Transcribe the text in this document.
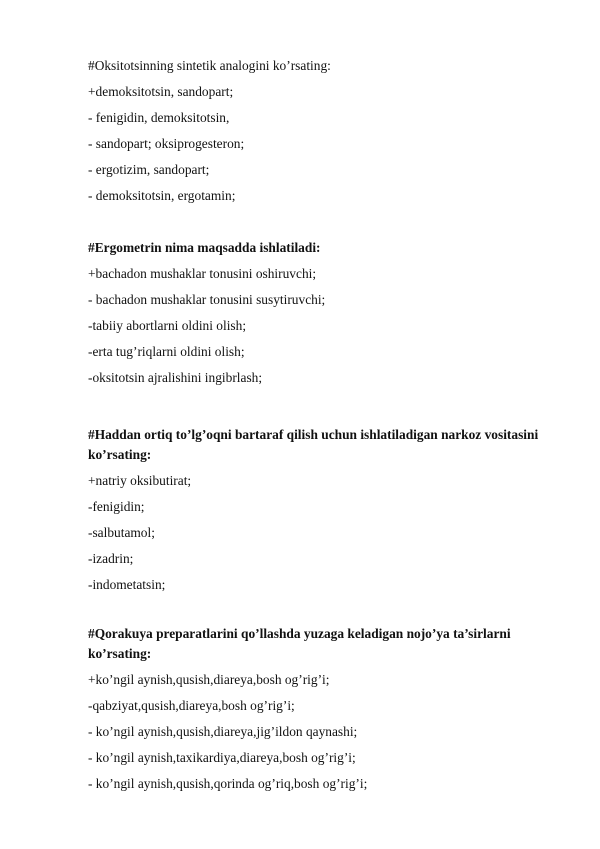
#Oksitotsinning sintetik analogini ko’rsating:
+demoksitotsin, sandopart;
- fenigidin, demoksitotsin,
- sandopart; oksiprogesteron;
- ergotizim, sandopart;
- demoksitotsin, ergotamin;
#Ergometrin nima maqsadda ishlatiladi:
+bachadon mushaklar tonusini oshiruvchi;
- bachadon mushaklar tonusini susytiruvchi;
-tabiiy abortlarni oldini olish;
-erta tug’riqlarni oldini olish;
-oksitotsin ajralishini ingibrlash;
#Haddan ortiq to’lg’oqni bartaraf qilish uchun ishlatiladigan narkoz vositasini ko’rsating:
+natriy oksibutirat;
-fenigidin;
-salbutamol;
-izadrin;
-indometatsin;
#Qorakuya preparatlarini qo’llashda yuzaga keladigan nojo’ya ta’sirlarni ko’rsating:
+ko’ngil aynish,qusish,diareya,bosh og’rig’i;
-qabziyat,qusish,diareya,bosh og’rig’i;
- ko’ngil aynish,qusish,diareya,jig’ildon qaynashi;
- ko’ngil aynish,taxikardiya,diareya,bosh og’rig’i;
- ko’ngil aynish,qusish,qorinda og’riq,bosh og’rig’i;
